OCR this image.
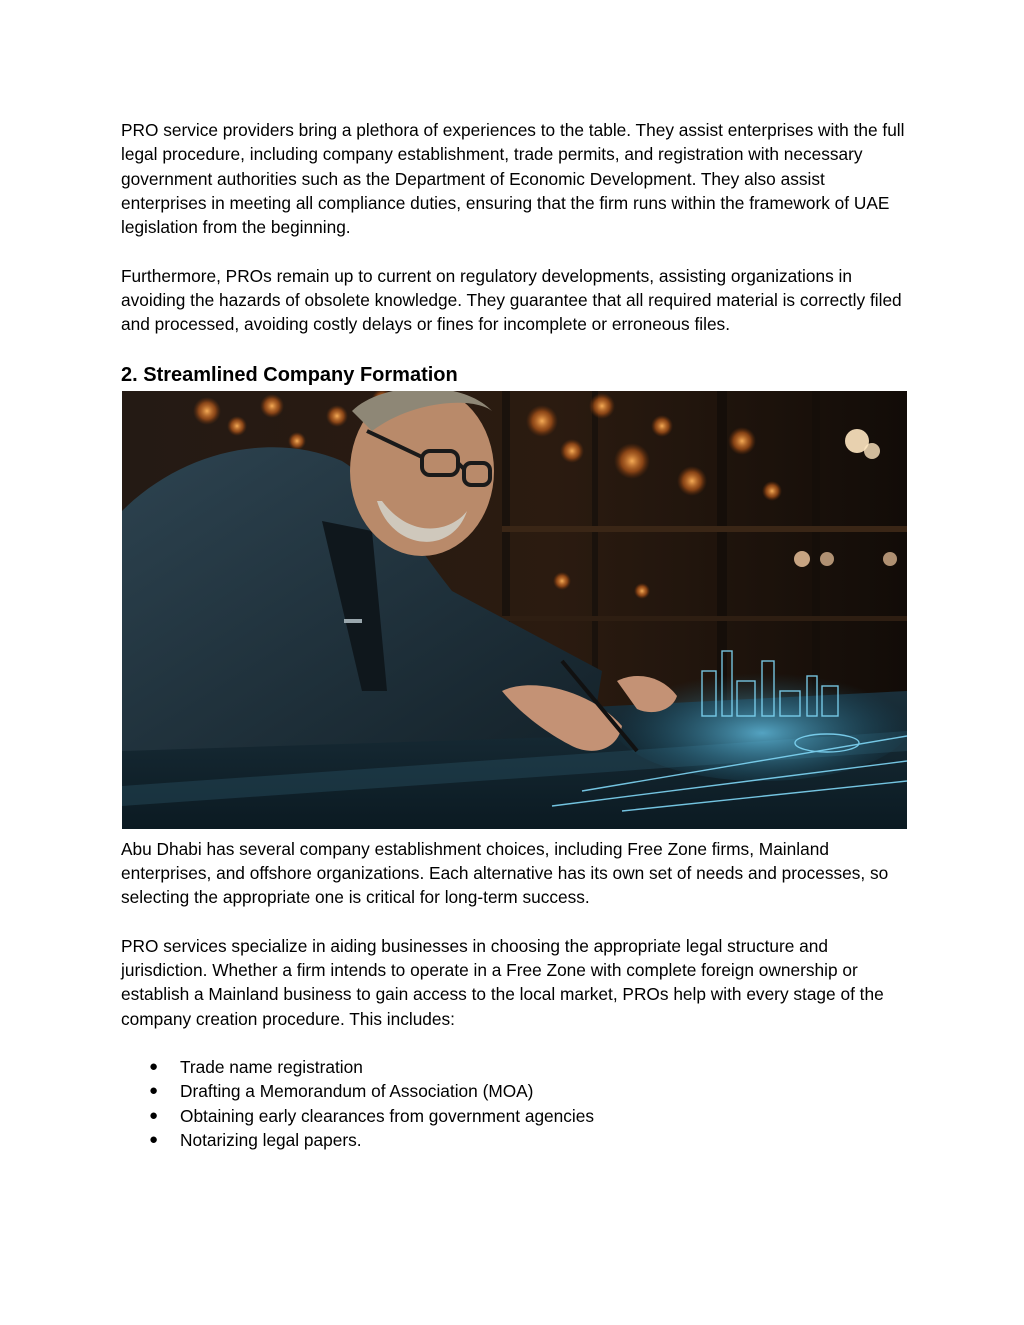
PRO service providers bring a plethora of experiences to the table. They assist enterprises with the full legal procedure, including company establishment, trade permits, and registration with necessary government authorities such as the Department of Economic Development. They also assist enterprises in meeting all compliance duties, ensuring that the firm runs within the framework of UAE legislation from the beginning.

Furthermore, PROs remain up to current on regulatory developments, assisting organizations in avoiding the hazards of obsolete knowledge. They guarantee that all required material is correctly filed and processed, avoiding costly delays or fines for incomplete or erroneous files.

2. Streamlined Company Formation

Abu Dhabi has several company establishment choices, including Free Zone firms, Mainland enterprises, and offshore organizations. Each alternative has its own set of needs and processes, so selecting the appropriate one is critical for long-term success.

PRO services specialize in aiding businesses in choosing the appropriate legal structure and jurisdiction. Whether a firm intends to operate in a Free Zone with complete foreign ownership or establish a Mainland business to gain access to the local market, PROs help with every stage of the company creation procedure. This includes:

● Trade name registration
● Drafting a Memorandum of Association (MOA)
● Obtaining early clearances from government agencies
● Notarizing legal papers.
